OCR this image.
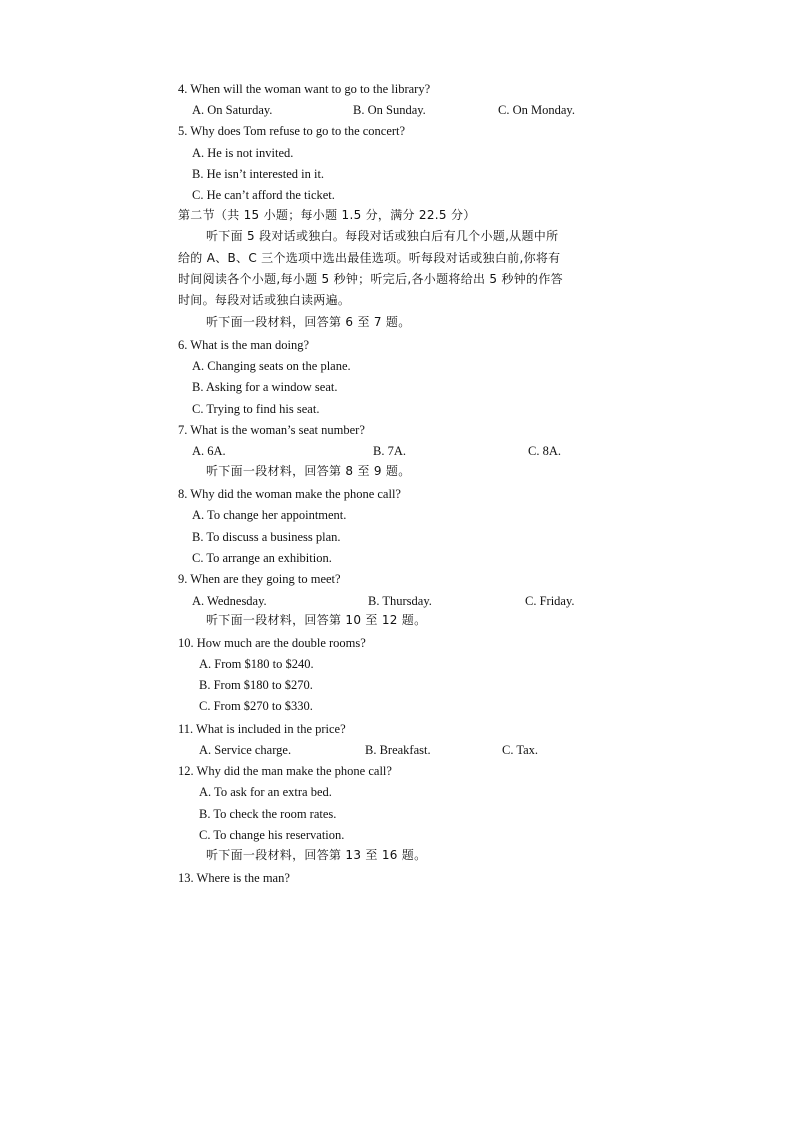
4. When will the woman want to go to the library?
A. On Saturday.	B. On Sunday.	C. On Monday.
5. Why does Tom refuse to go to the concert?
A. He is not invited.
B. He isn’t interested in it.
C. He can’t afford the ticket.
第二节（共 15 小题；每小题 1.5 分，满分 22.5 分）
听下面 5 段对话或独白。每段对话或独白后有几个小题,从题中所
给的 A、B、C 三个选项中选出最佳选项。听每段对话或独白前,你将有
时间阅读各个小题,每小题 5 秒钟；听完后,各小题将给出 5 秒钟的作答
时间。每段对话或独白读两遍。
听下面一段材料，回答第 6 至 7 题。
6. What is the man doing?
A. Changing seats on the plane.
B. Asking for a window seat.
C. Trying to find his seat.
7. What is the woman’s seat number?
A. 6A.	B. 7A.	C. 8A.
听下面一段材料，回答第 8 至 9 题。
8. Why did the woman make the phone call?
A. To change her appointment.
B. To discuss a business plan.
C. To arrange an exhibition.
9. When are they going to meet?
A. Wednesday.	B. Thursday.	C. Friday.
听下面一段材料，回答第 10 至 12 题。
10. How much are the double rooms?
A. From $180 to $240.
B. From $180 to $270.
C. From $270 to $330.
11. What is included in the price?
A. Service charge.	B. Breakfast.	C. Tax.
12. Why did the man make the phone call?
A. To ask for an extra bed.
B. To check the room rates.
C. To change his reservation.
听下面一段材料，回答第 13 至 16 题。
13. Where is the man?
